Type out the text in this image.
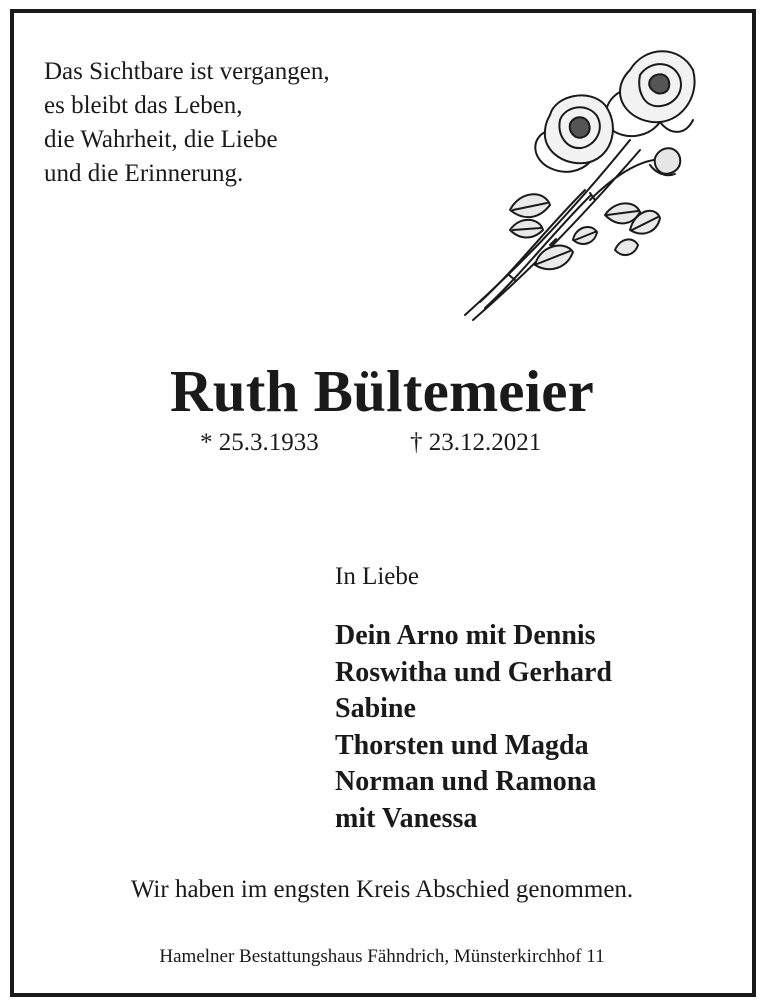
Das Sichtbare ist vergangen,
es bleibt das Leben,
die Wahrheit, die Liebe
und die Erinnerung.
Ruth Bültemeier
* 25.3.1933	† 23.12.2021
In Liebe
Dein Arno mit Dennis
Roswitha und Gerhard
Sabine
Thorsten und Magda
Norman und Ramona
mit Vanessa
Wir haben im engsten Kreis Abschied genommen.
Hamelner Bestattungshaus Fähndrich, Münsterkirchhof 11
